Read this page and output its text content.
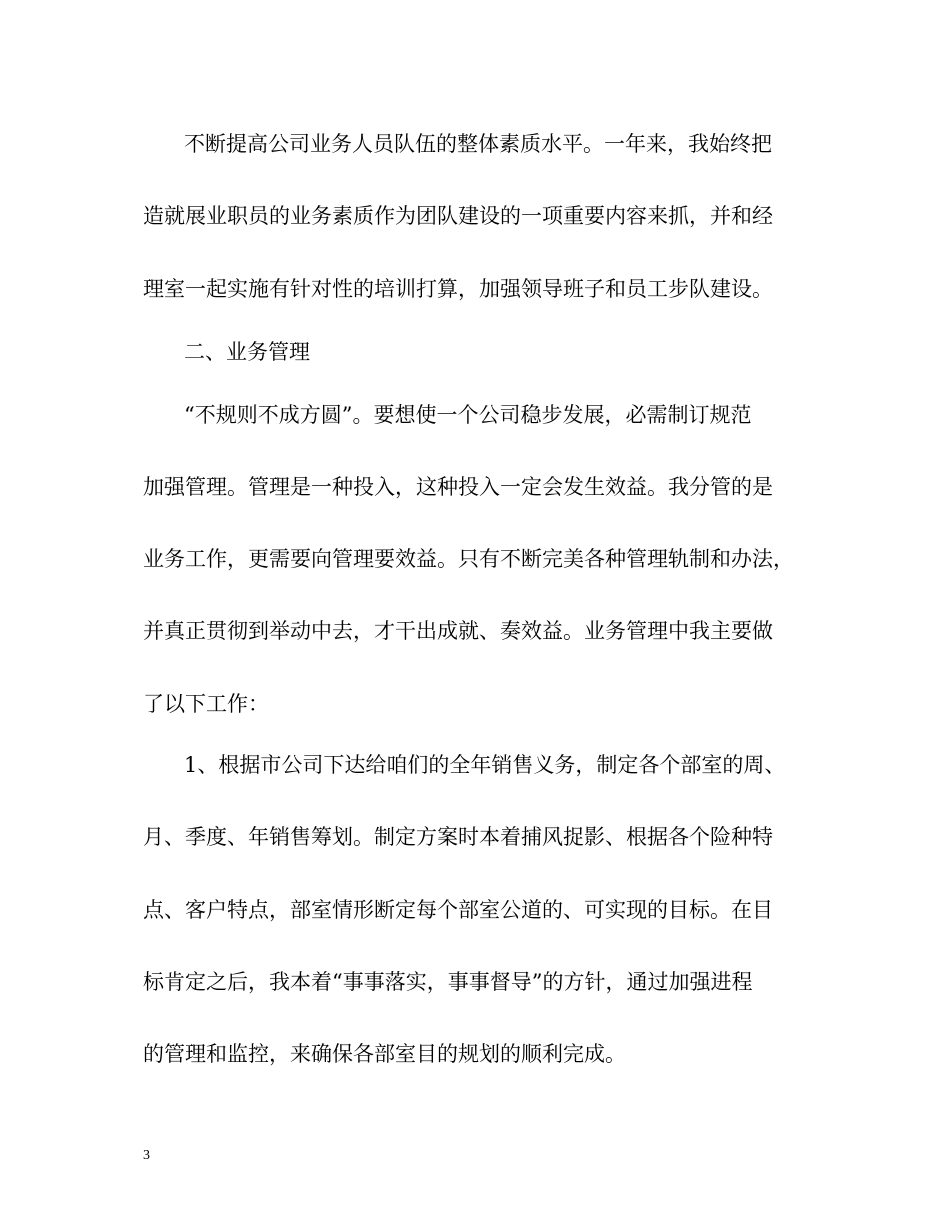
不断提高公司业务人员队伍的整体素质水平。一年来，我始终把
造就展业职员的业务素质作为团队建设的一项重要内容来抓，并和经
理室一起实施有针对性的培训打算，加强领导班子和员工步队建设。
二、业务管理
“不规则不成方圆”。要想使一个公司稳步发展，必需制订规范
加强管理。管理是一种投入，这种投入一定会发生效益。我分管的是
业务工作，更需要向管理要效益。只有不断完美各种管理轨制和办法，
并真正贯彻到举动中去，才干出成就、奏效益。业务管理中我主要做
了以下工作：
1、根据市公司下达给咱们的全年销售义务，制定各个部室的周、
月、季度、年销售筹划。制定方案时本着捕风捉影、根据各个险种特
点、客户特点，部室情形断定每个部室公道的、可实现的目标。在目
标肯定之后，我本着“事事落实，事事督导”的方针，通过加强进程
的管理和监控，来确保各部室目的规划的顺利完成。
3
